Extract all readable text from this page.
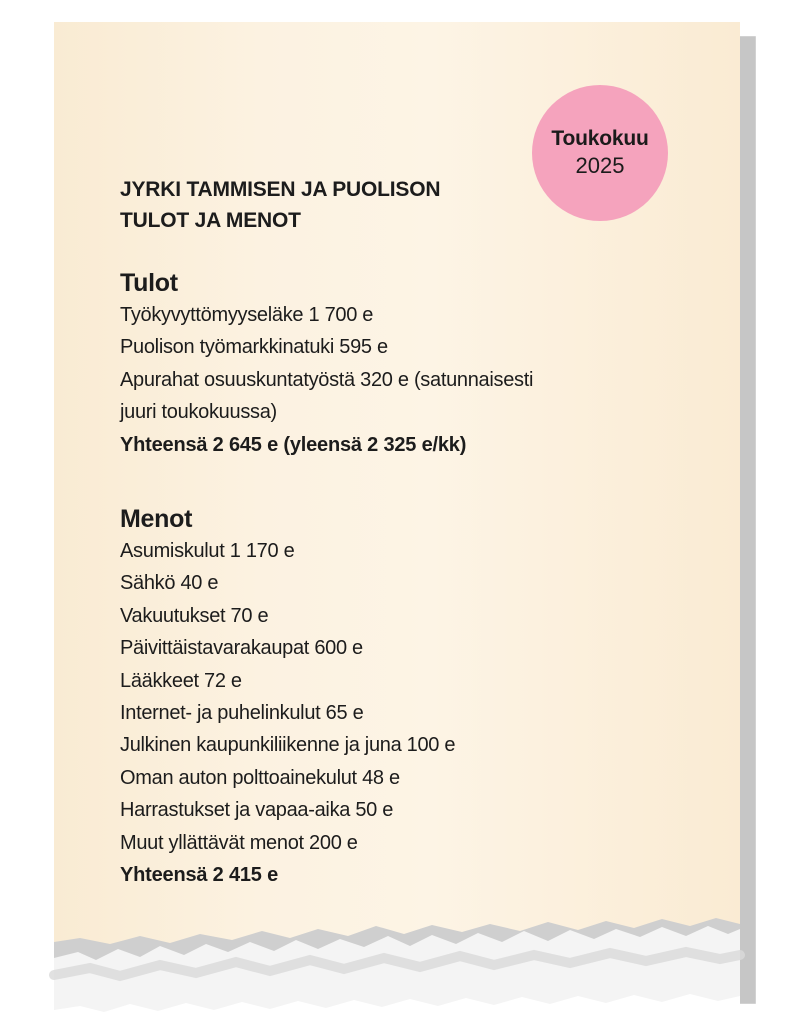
Toukokuu
2025
JYRKI TAMMISEN JA PUOLISON
TULOT JA MENOT
Tulot
Työkyvyttömyyseläke 1 700 e
Puolison työmarkkinatuki 595 e
Apurahat osuuskuntatyöstä 320 e (satunnaisesti
juuri toukokuussa)
Yhteensä 2 645 e (yleensä 2 325 e/kk)
Menot
Asumiskulut 1 170 e
Sähkö 40 e
Vakuutukset 70 e
Päivittäistavarakaupat 600 e
Lääkkeet 72 e
Internet- ja puhelinkulut 65 e
Julkinen kaupunkiliikenne ja juna 100 e
Oman auton polttoainekulut 48 e
Harrastukset ja vapaa-aika 50 e
Muut yllättävät menot 200 e
Yhteensä 2 415 e
